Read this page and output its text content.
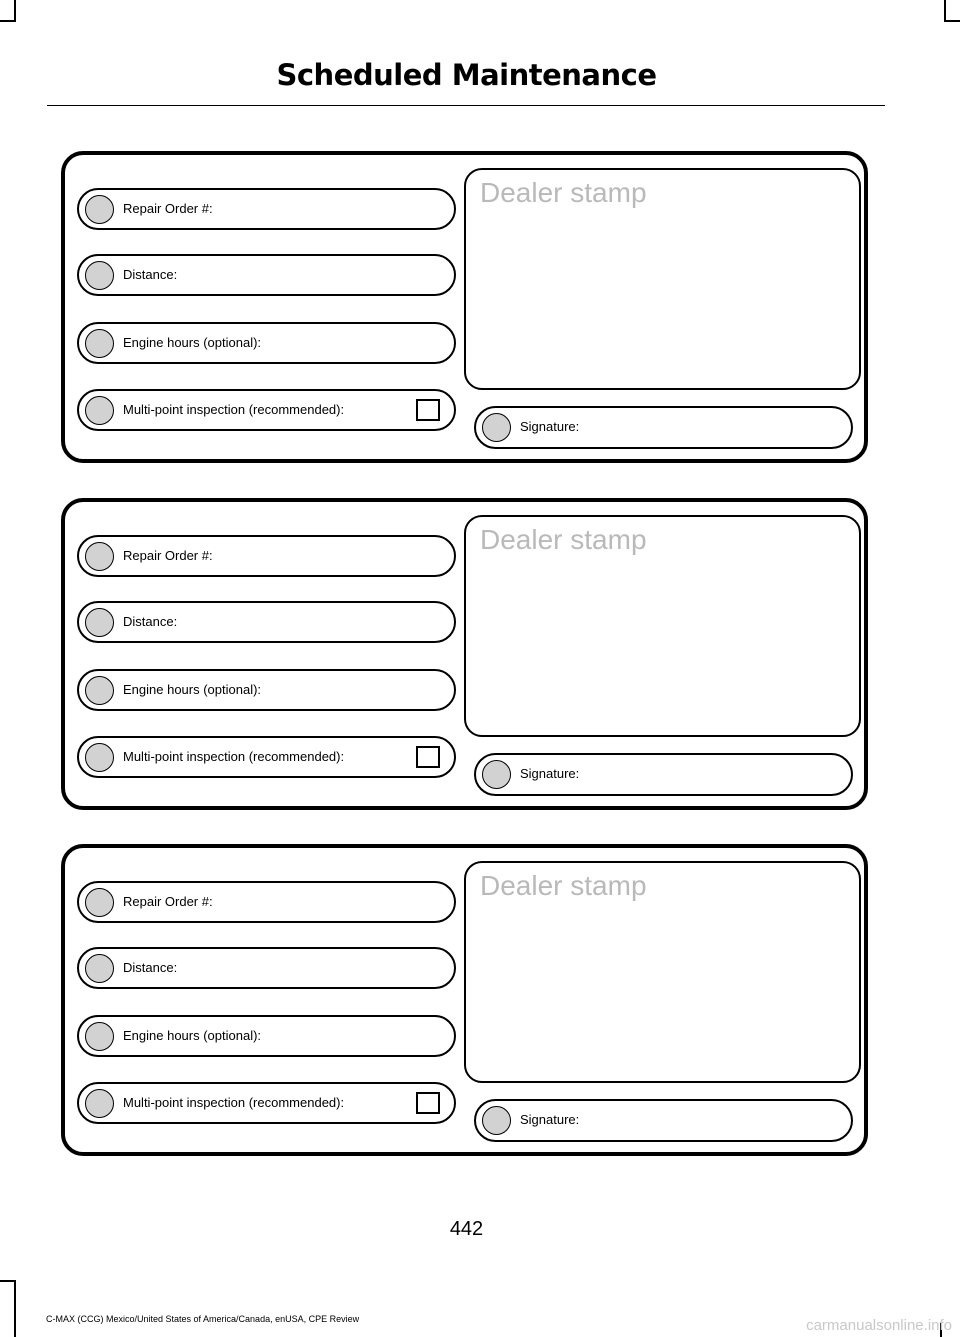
Scheduled Maintenance
Repair Order #:
Distance:
Engine hours (optional):
Multi-point inspection (recommended):
Dealer stamp
Signature:
Repair Order #:
Distance:
Engine hours (optional):
Multi-point inspection (recommended):
Dealer stamp
Signature:
Repair Order #:
Distance:
Engine hours (optional):
Multi-point inspection (recommended):
Dealer stamp
Signature:
442
C-MAX (CCG) Mexico/United States of America/Canada, enUSA, CPE Review	carmanualsonline.info
